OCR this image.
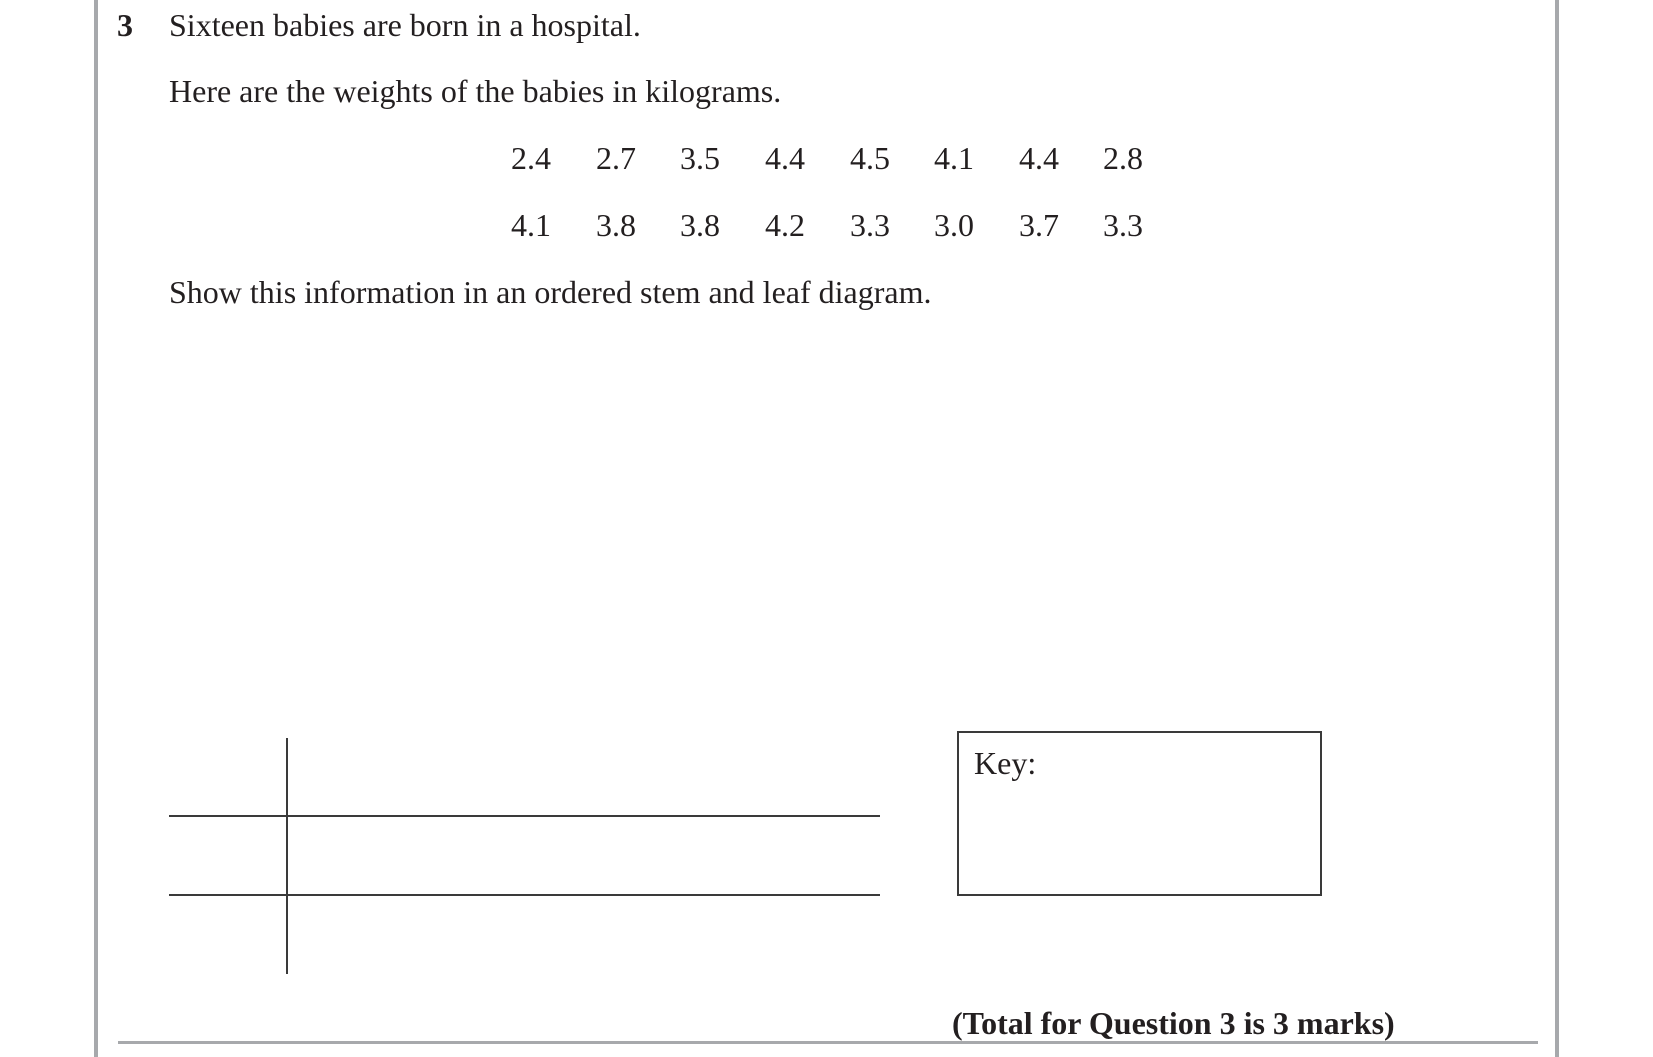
3 Sixteen babies are born in a hospital.
Here are the weights of the babies in kilograms.
2.4 2.7 3.5 4.4 4.5 4.1 4.4 2.8
4.1 3.8 3.8 4.2 3.3 3.0 3.7 3.3
Show this information in an ordered stem and leaf diagram.
Key:
(Total for Question 3 is 3 marks)
